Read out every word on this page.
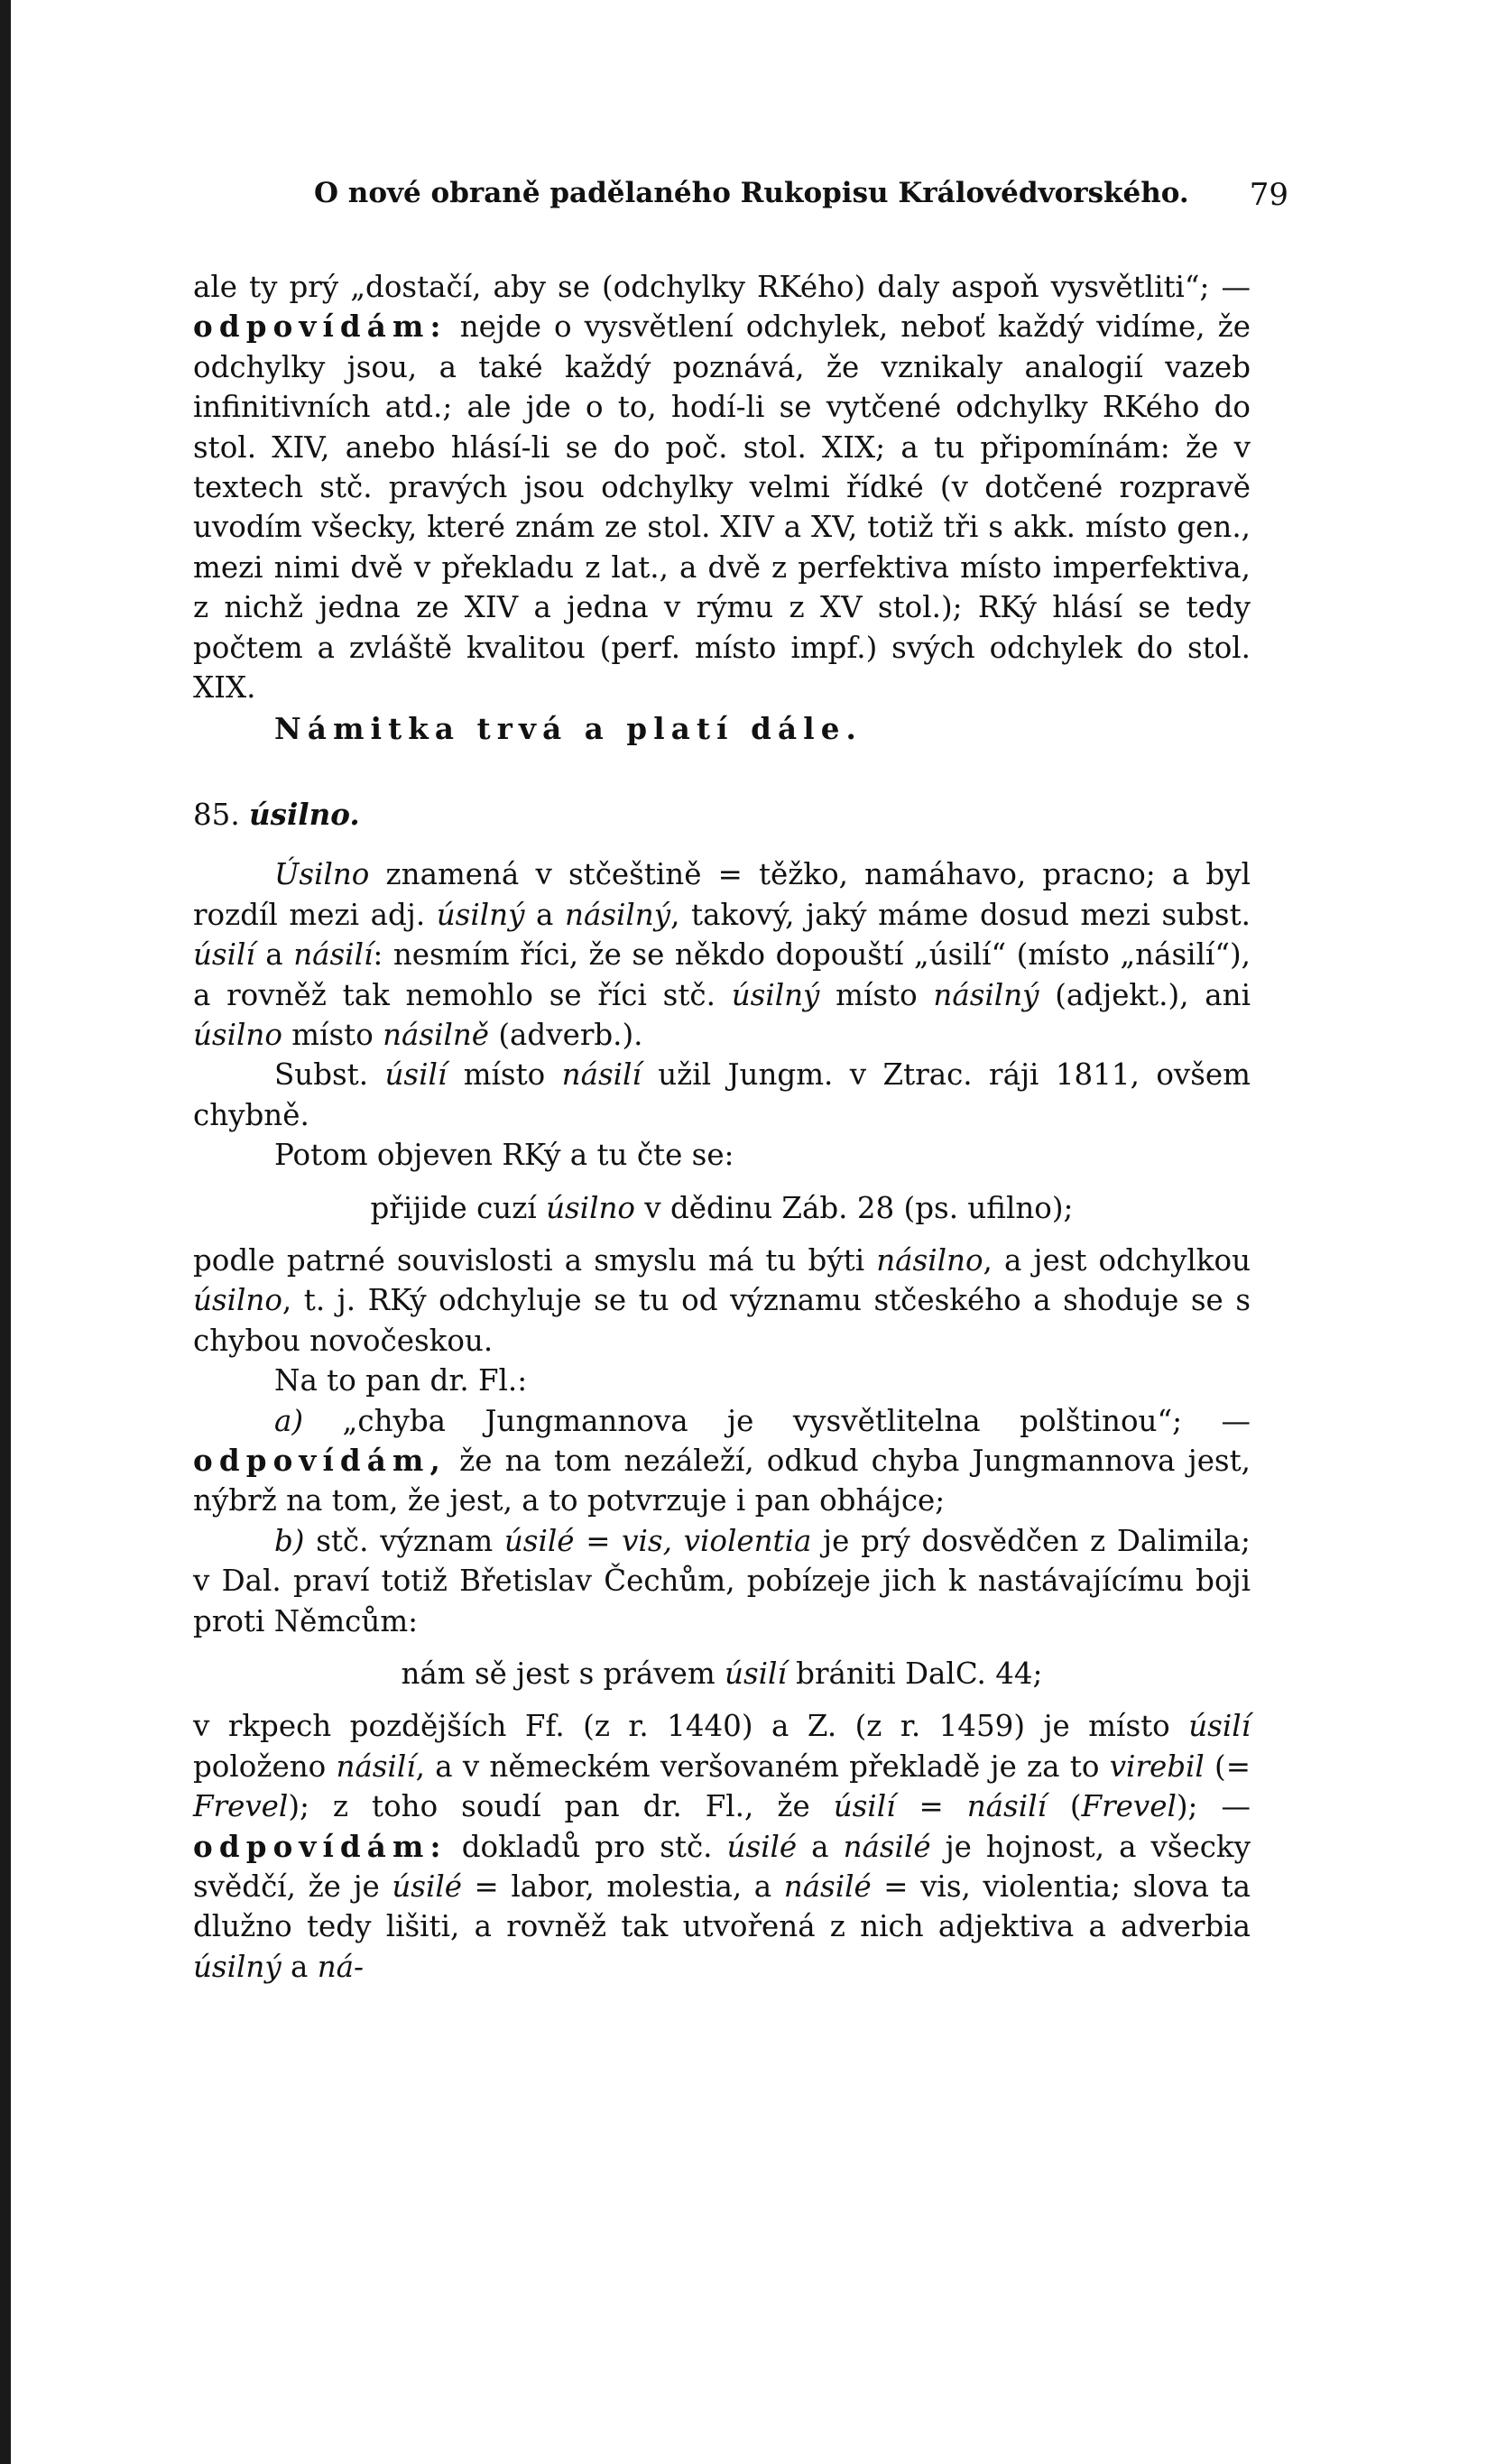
O nové obraně padělaného Rukopisu Královédvorského. 79

ale ty prý „dostačí, aby se (odchylky RKého) daly aspoň vysvětliti“; — odpovídám: nejde o vysvětlení odchylek, neboť každý vidíme, že odchylky jsou, a také každý poznává, že vznikaly analogií vazeb infinitivních atd.; ale jde o to, hodí-li se vytčené odchylky RKého do stol. XIV, anebo hlásí-li se do poč. stol. XIX; a tu připomínám: že v textech stč. pravých jsou odchylky velmi řídké (v dotčené rozpravě uvodím všecky, které znám ze stol. XIV a XV, totiž tři s akk. místo gen., mezi nimi dvě v překladu z lat., a dvě z perfektiva místo imperfektiva, z nichž jedna ze XIV a jedna v rýmu z XV stol.); RKý hlásí se tedy počtem a zvláště kvalitou (perf. místo impf.) svých odchylek do stol. XIX.

Námitka trvá a platí dále.

85. úsilno.

Úsilno znamená v stčeštině = těžko, namáhavo, pracno; a byl rozdíl mezi adj. úsilný a násilný, takový, jaký máme dosud mezi subst. úsilí a násilí: nesmím říci, že se někdo dopouští „úsilí“ (místo „násilí“), a rovněž tak nemohlo se říci stč. úsilný místo násilný (adjekt.), ani úsilno místo násilně (adverb.).

Subst. úsilí místo násilí užil Jungm. v Ztrac. ráji 1811, ovšem chybně.

Potom objeven RKý a tu čte se:

přijide cuzí úsilno v dědinu Záb. 28 (ps. ufilno);

podle patrné souvislosti a smyslu má tu býti násilno, a jest odchylkou úsilno, t. j. RKý odchyluje se tu od významu stčeského a shoduje se s chybou novočeskou.

Na to pan dr. Fl.:

a) „chyba Jungmannova je vysvětlitelna polštinou“; — odpovídám, že na tom nezáleží, odkud chyba Jungmannova jest, nýbrž na tom, že jest, a to potvrzuje i pan obhájce;

b) stč. význam úsilé = vis, violentia je prý dosvědčen z Dalimila; v Dal. praví totiž Břetislav Čechům, pobízeje jich k nastávajícímu boji proti Němcům:

nám sě jest s právem úsilí brániti DalC. 44;

v rkpech pozdějších Ff. (z r. 1440) a Z. (z r. 1459) je místo úsilí položeno násilí, a v německém veršovaném překladě je za to virebil (= Frevel); z toho soudí pan dr. Fl., že úsilí = násilí (Frevel); — odpovídám: dokladů pro stč. úsilé a násilé je hojnost, a všecky svědčí, že je úsilé = labor, molestia, a násilé = vis, violentia; slova ta dlužno tedy lišiti, a rovněž tak utvořená z nich adjektiva a adverbia úsilný a ná-
